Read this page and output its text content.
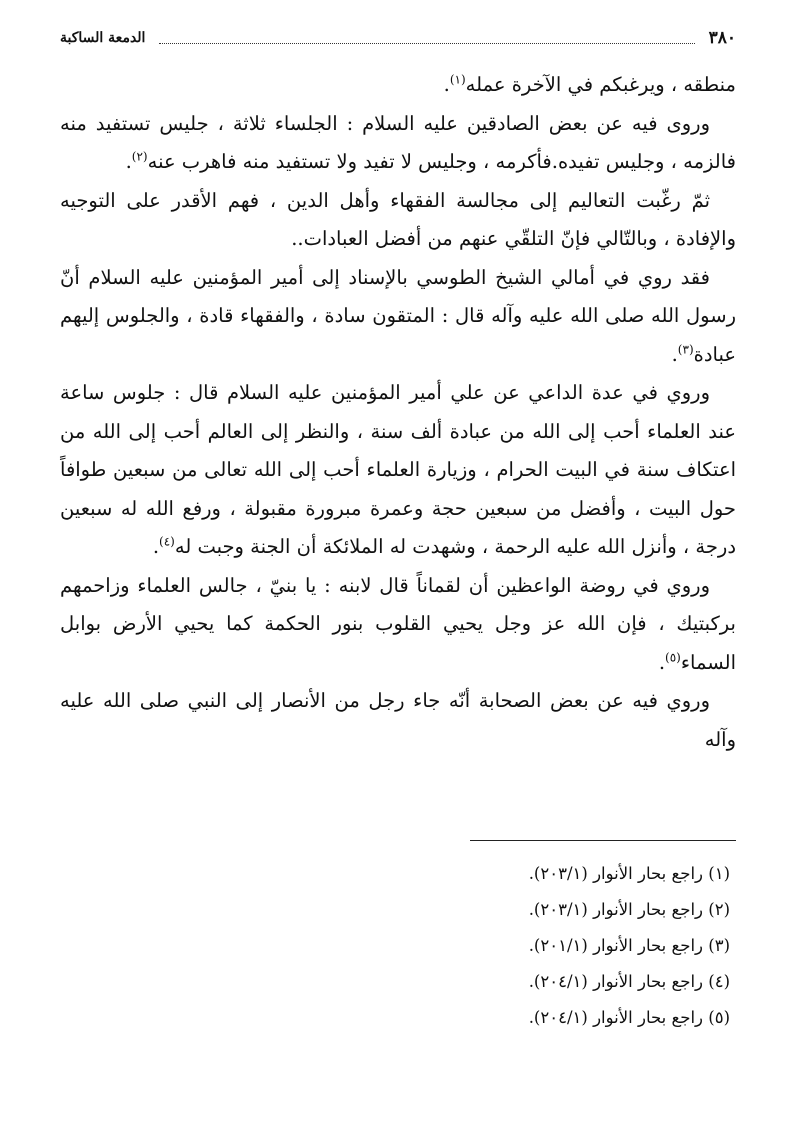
٣٨٠
الدمعة الساكبة

منطقه ، ويرغبكم في الآخرة عمله$^{(١)}$.

وروى فيه عن بعض الصادقين عليه السلام : الجلساء ثلاثة ، جليس تستفيد منه فالزمه ، وجليس تفيده.فأكرمه ، وجليس لا تفيد ولا تستفيد منه فاهرب عنه$^{(٢)}$.

ثمّ رغّبت التعاليم إلى مجالسة الفقهاء وأهل الدين ، فهم الأقدر على التوجيه والإفادة ، وبالتّالي فإنّ التلقّي عنهم من أفضل العبادات..

فقد روي في أمالي الشيخ الطوسي بالإسناد إلى أمير المؤمنين عليه السلام أنّ رسول الله صلى الله عليه وآله قال : المتقون سادة ، والفقهاء قادة ، والجلوس إليهم عبادة$^{(٣)}$.

وروي في عدة الداعي عن علي أمير المؤمنين عليه السلام قال : جلوس ساعة عند العلماء أحب إلى الله من عبادة ألف سنة ، والنظر إلى العالم أحب إلى الله من اعتكاف سنة في البيت الحرام ، وزيارة العلماء أحب إلى الله تعالى من سبعين طوافاً حول البيت ، وأفضل من سبعين حجة وعمرة مبرورة مقبولة ، ورفع الله له سبعين درجة ، وأنزل الله عليه الرحمة ، وشهدت له الملائكة أن الجنة وجبت له$^{(٤)}$.

وروي في روضة الواعظين أن لقماناً قال لابنه : يا بنيّ ، جالس العلماء وزاحمهم بركبتيك ، فإن الله عز وجل يحيي القلوب بنور الحكمة كما يحيي الأرض بوابل السماء$^{(٥)}$.

وروي فيه عن بعض الصحابة أنّه جاء رجل من الأنصار إلى النبي صلى الله عليه وآله

(١) راجع بحار الأنوار (٢٠٣/١).
(٢) راجع بحار الأنوار (٢٠٣/١).
(٣) راجع بحار الأنوار (٢٠١/١).
(٤) راجع بحار الأنوار (٢٠٤/١).
(٥) راجع بحار الأنوار (٢٠٤/١).
